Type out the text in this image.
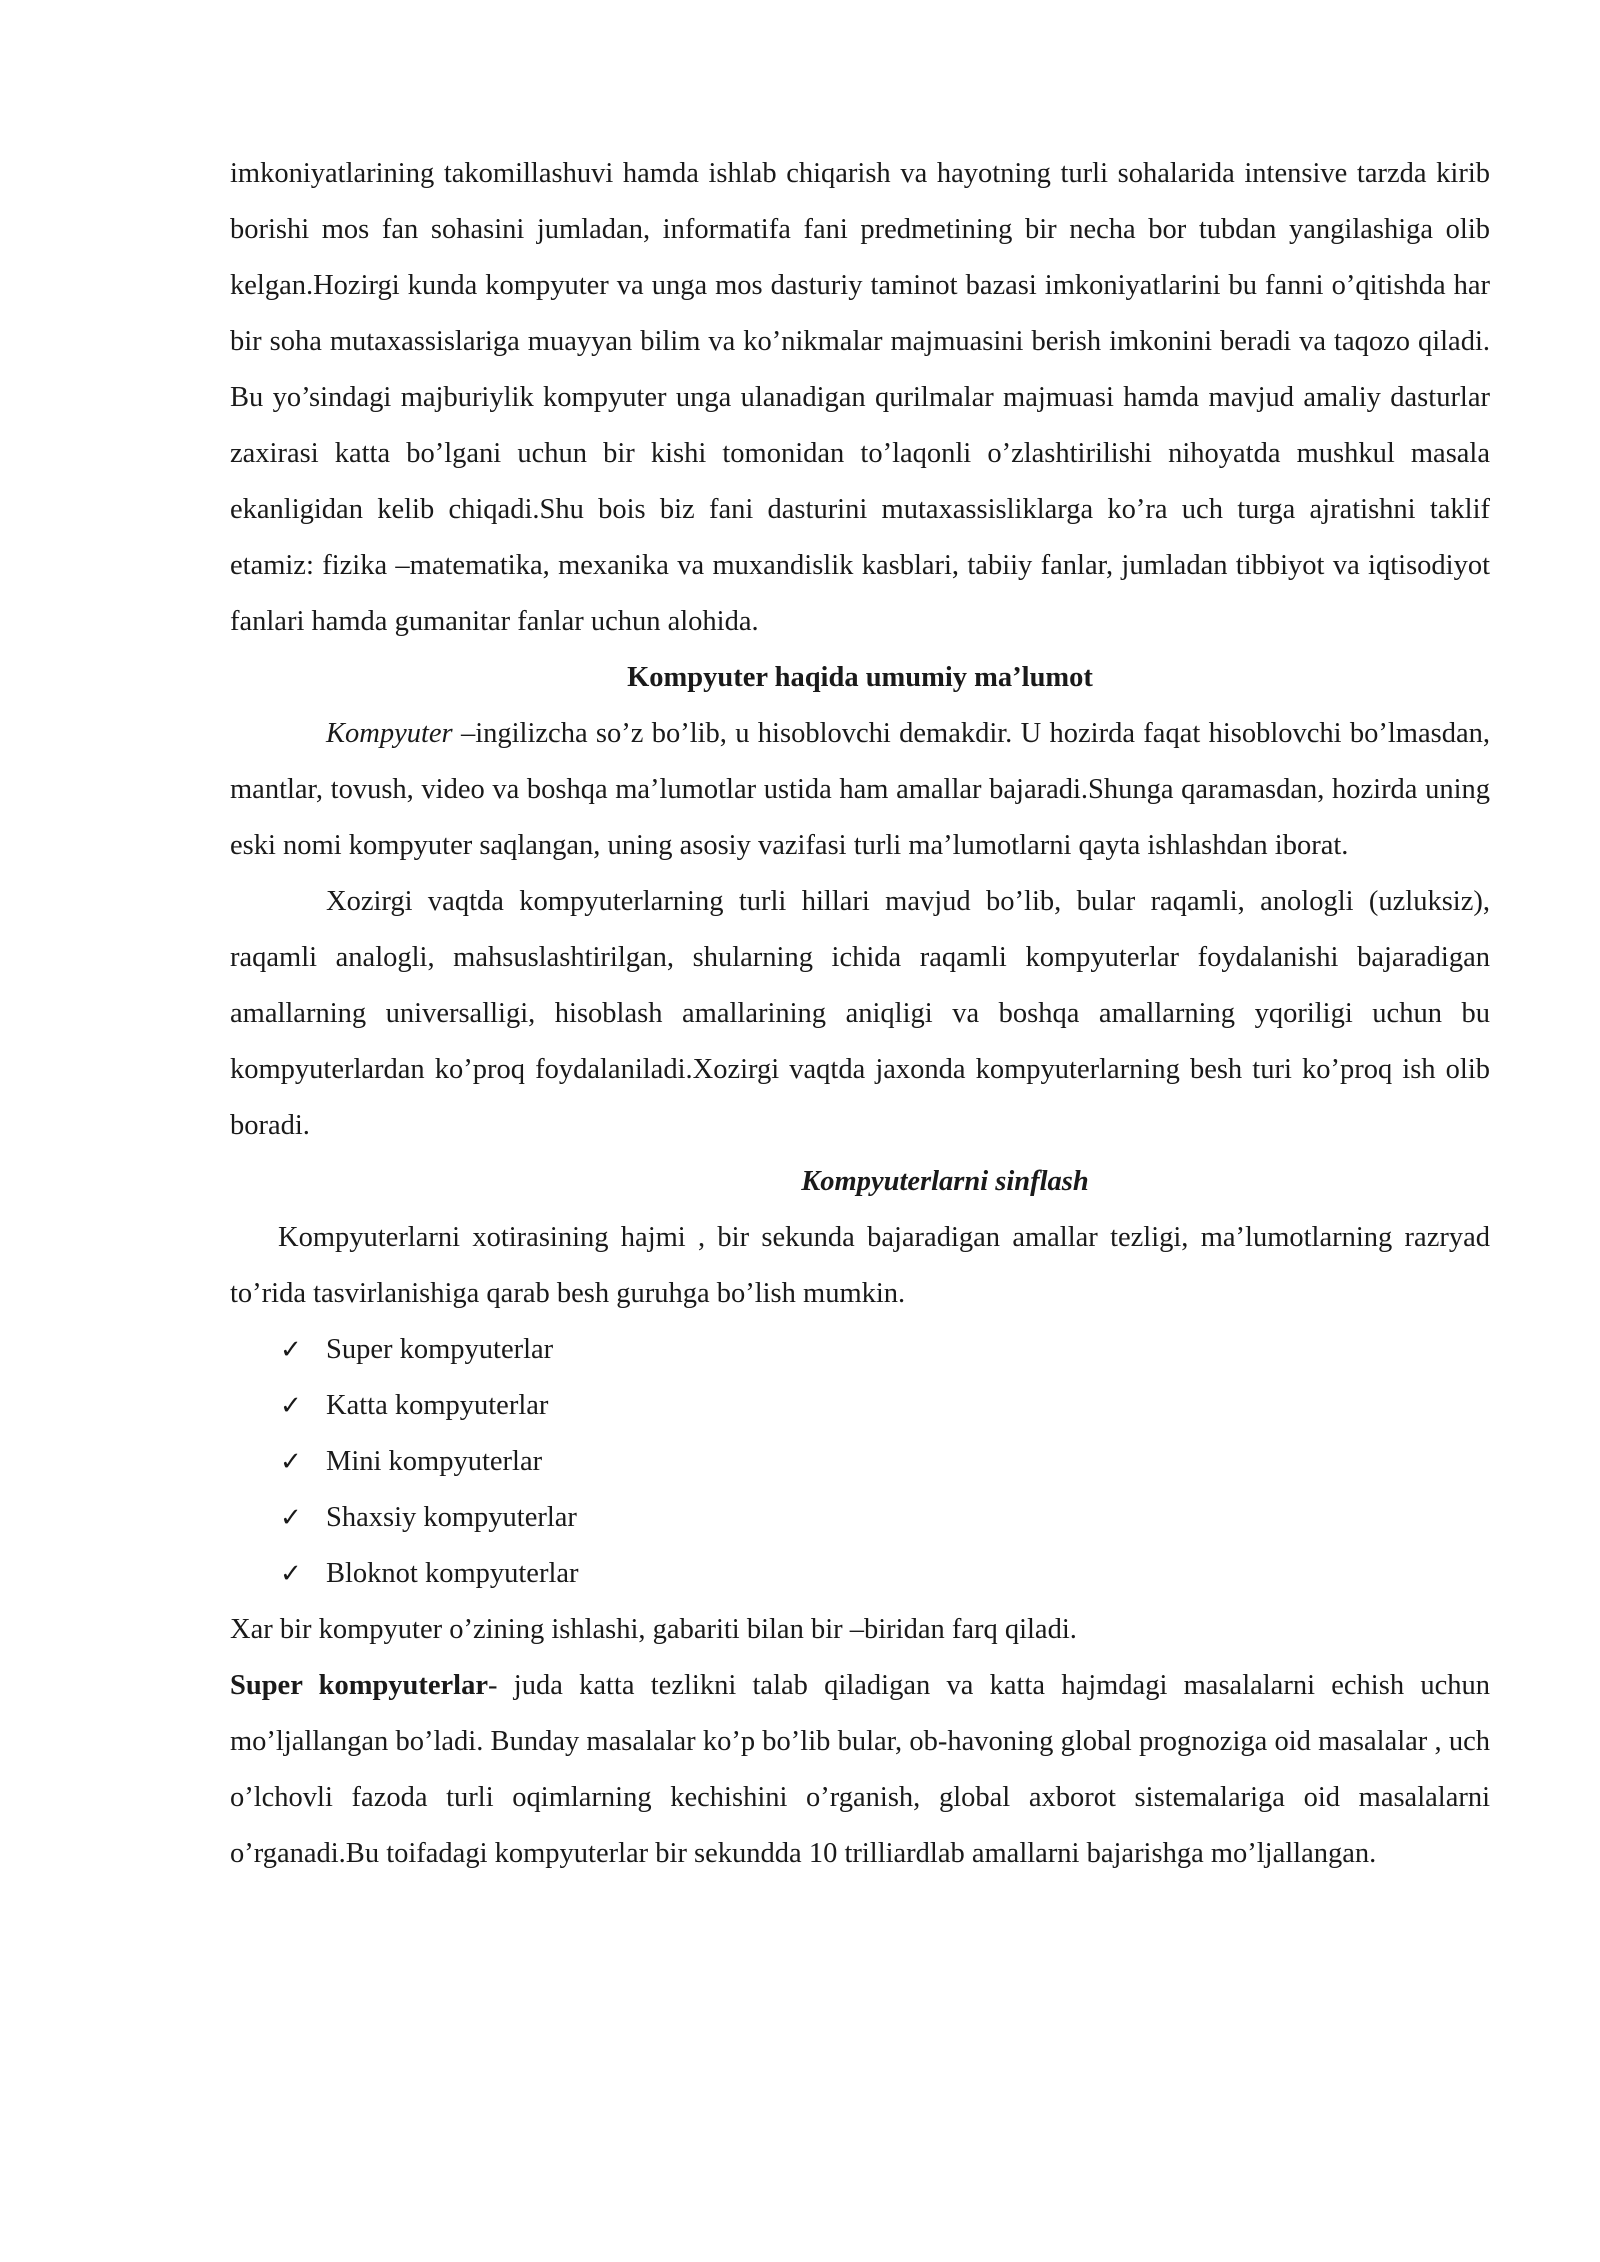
imkoniyatlarining takomillashuvi hamda ishlab chiqarish va hayotning turli sohalarida intensive tarzda kirib borishi mos fan sohasini jumladan, informatifa fani predmetining bir necha bor tubdan yangilashiga olib kelgan.Hozirgi kunda kompyuter va unga mos dasturiy taminot bazasi imkoniyatlarini bu fanni o’qitishda har bir soha mutaxassislariga muayyan bilim va ko’nikmalar majmuasini berish imkonini beradi va taqozo qiladi. Bu yo’sindagi majburiylik kompyuter unga ulanadigan qurilmalar majmuasi hamda mavjud amaliy dasturlar zaxirasi katta bo’lgani uchun bir kishi tomonidan to’laqonli o’zlashtirilishi nihoyatda mushkul masala ekanligidan kelib chiqadi.Shu bois biz fani dasturini mutaxassisliklarga ko’ra uch turga ajratishni taklif etamiz: fizika –matematika, mexanika va muxandislik kasblari, tabiiy fanlar, jumladan tibbiyot va iqtisodiyot fanlari hamda gumanitar fanlar uchun alohida.

Kompyuter haqida umumiy ma’lumot

Kompyuter –ingilizcha so’z bo’lib, u hisoblovchi demakdir. U hozirda faqat hisoblovchi bo’lmasdan, mantlar, tovush, video va boshqa ma’lumotlar ustida ham amallar bajaradi.Shunga qaramasdan, hozirda uning eski nomi kompyuter saqlangan, uning asosiy vazifasi turli ma’lumotlarni qayta ishlashdan iborat.

Xozirgi vaqtda kompyuterlarning turli hillari mavjud bo’lib, bular raqamli, anologli (uzluksiz), raqamli analogli, mahsuslashtirilgan, shularning ichida raqamli kompyuterlar foydalanishi bajaradigan amallarning universalligi, hisoblash amallarining aniqligi va boshqa amallarning yqoriligi uchun bu kompyuterlardan ko’proq foydalaniladi.Xozirgi vaqtda jaxonda kompyuterlarning besh turi ko’proq ish olib boradi.

Kompyuterlarni sinflash

Kompyuterlarni xotirasining hajmi , bir sekunda bajaradigan amallar tezligi, ma’lumotlarning razryad to’rida tasvirlanishiga qarab besh guruhga bo’lish mumkin.

✓ Super kompyuterlar
✓ Katta kompyuterlar
✓ Mini kompyuterlar
✓ Shaxsiy kompyuterlar
✓ Bloknot kompyuterlar

Xar bir kompyuter o’zining ishlashi, gabariti bilan bir –biridan farq qiladi.

Super kompyuterlar- juda katta tezlikni talab qiladigan va katta hajmdagi masalalarni echish uchun mo’ljallangan bo’ladi. Bunday masalalar ko’p bo’lib bular, ob-havoning global prognoziga oid masalalar , uch o’lchovli fazoda turli oqimlarning kechishini o’rganish, global axborot sistemalariga oid masalalarni o’rganadi.Bu toifadagi kompyuterlar bir sekundda 10 trilliardlab amallarni bajarishga mo’ljallangan.
